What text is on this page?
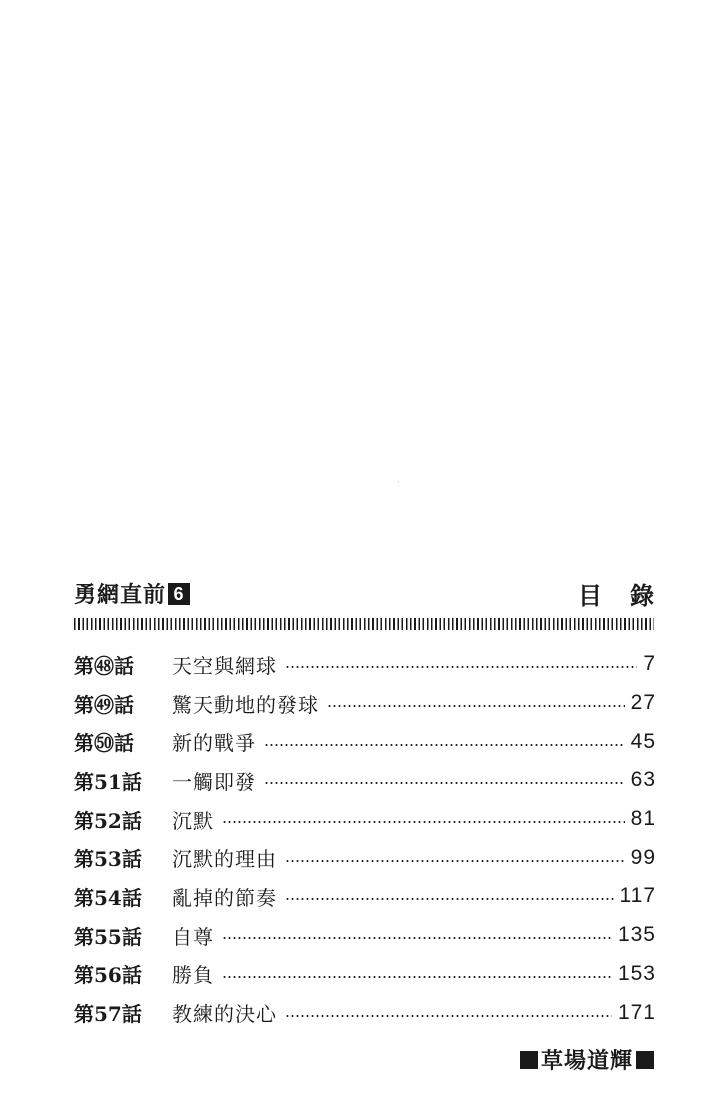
勇網直前 6	目錄
第㊽話	天空與網球	7
第㊾話	驚天動地的發球	27
第㊿話	新的戰爭	45
第51話	一觸即發	63
第52話	沉默	81
第53話	沉默的理由	99
第54話	亂掉的節奏	117
第55話	自尊	135
第56話	勝負	153
第57話	教練的決心	171
草場道輝
